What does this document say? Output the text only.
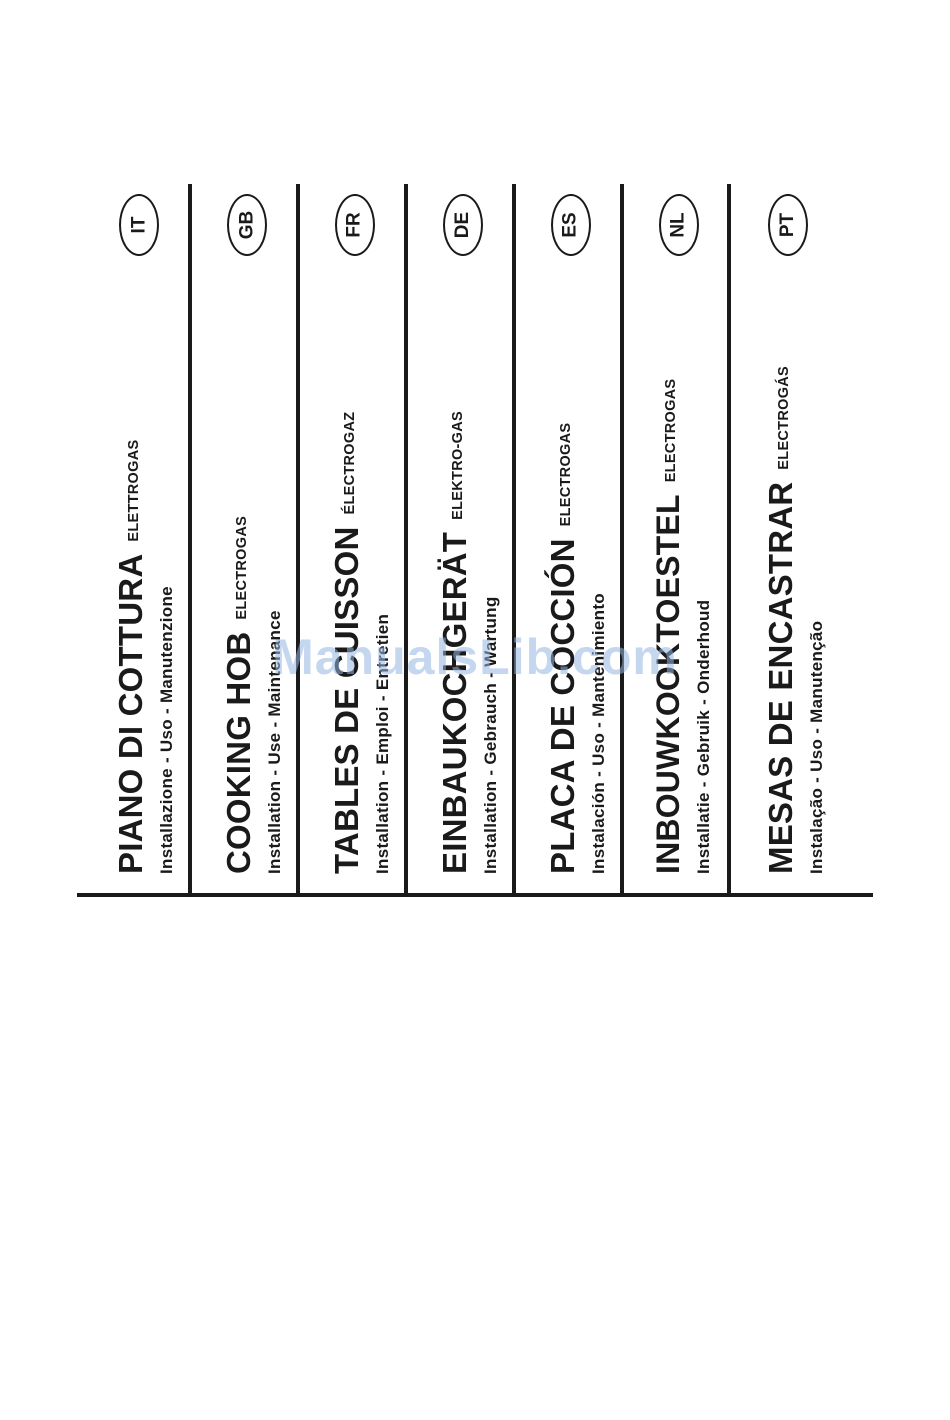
PIANO DI COTTURAELETTROGAS
Installazione - Uso - Manutenzione
IT
COOKING HOBELECTROGAS
Installation - Use - Maintenance
GB
TABLES DE CUISSONÉLECTROGAZ
Installation - Emploi - Entretien
FR
EINBAUKOCHGERÄTELEKTRO-GAS
Installation - Gebrauch - Wartung
DE
PLACA DE COCCIÓNELECTROGAS
Instalación - Uso - Mantenimiento
ES
INBOUWKOOKTOESTELELECTROGAS
Installatie - Gebruik - Onderhoud
NL
MESAS DE ENCASTRARELECTROGÁS
Instalação - Uso - Manutenção
PT
ManualsLib.com
